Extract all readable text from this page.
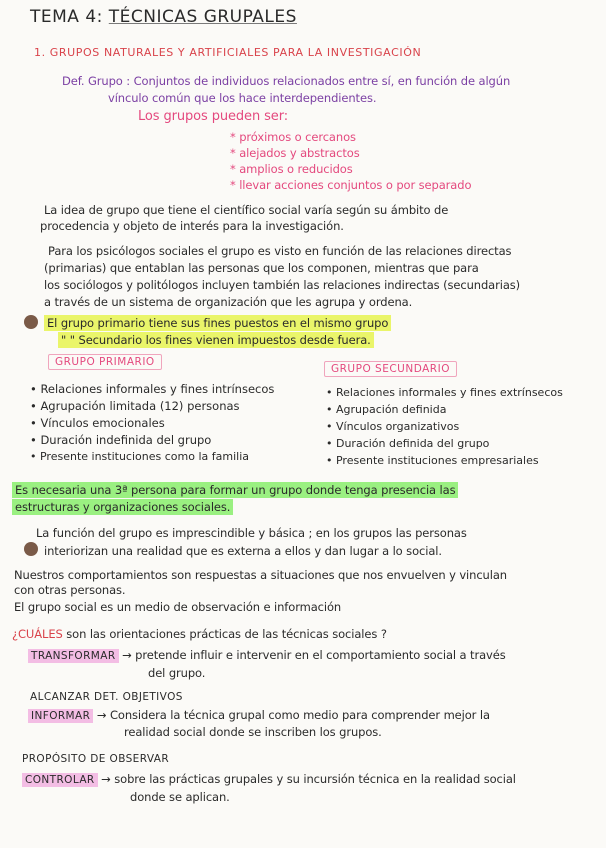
TEMA 4: TÉCNICAS GRUPALES
1. GRUPOS NATURALES Y ARTIFICIALES PARA LA INVESTIGACIÓN
Def. Grupo : Conjuntos de individuos relacionados entre sí, en función de algún
vínculo común que los hace interdependientes.
Los grupos pueden ser:
* próximos o cercanos
* alejados y abstractos
* amplios o reducidos
* llevar acciones conjuntos o por separado
La idea de grupo que tiene el científico social varía según su ámbito de
procedencia y objeto de interés para la investigación.
Para los psicólogos sociales el grupo es visto en función de las relaciones directas
(primarias) que entablan las personas que los componen, mientras que para
los sociólogos y politólogos incluyen también las relaciones indirectas (secundarias)
a través de un sistema de organización que les agrupa y ordena.
El grupo primario tiene sus fines puestos en el mismo grupo
" " Secundario los fines vienen impuestos desde fuera.
GRUPO PRIMARIO
GRUPO SECUNDARIO
• Relaciones informales y fines intrínsecos
• Agrupación limitada (12) personas
• Vínculos emocionales
• Duración indefinida del grupo
• Presente instituciones como la familia
• Relaciones informales y fines extrínsecos
• Agrupación definida
• Vínculos organizativos
• Duración definida del grupo
• Presente instituciones empresariales
Es necesaria una 3ª persona para formar un grupo donde tenga presencia las
estructuras y organizaciones sociales.
La función del grupo es imprescindible y básica ; en los grupos las personas
interiorizan una realidad que es externa a ellos y dan lugar a lo social.
Nuestros comportamientos son respuestas a situaciones que nos envuelven y vinculan
con otras personas.
El grupo social es un medio de observación e información
¿CUÁLES son las orientaciones prácticas de las técnicas sociales ?
TRANSFORMAR → pretende influir e intervenir en el comportamiento social a través
del grupo.
ALCANZAR DET. OBJETIVOS
INFORMAR → Considera la técnica grupal como medio para comprender mejor la
realidad social donde se inscriben los grupos.
PROPÓSITO DE OBSERVAR
CONTROLAR → sobre las prácticas grupales y su incursión técnica en la realidad social
donde se aplican.
